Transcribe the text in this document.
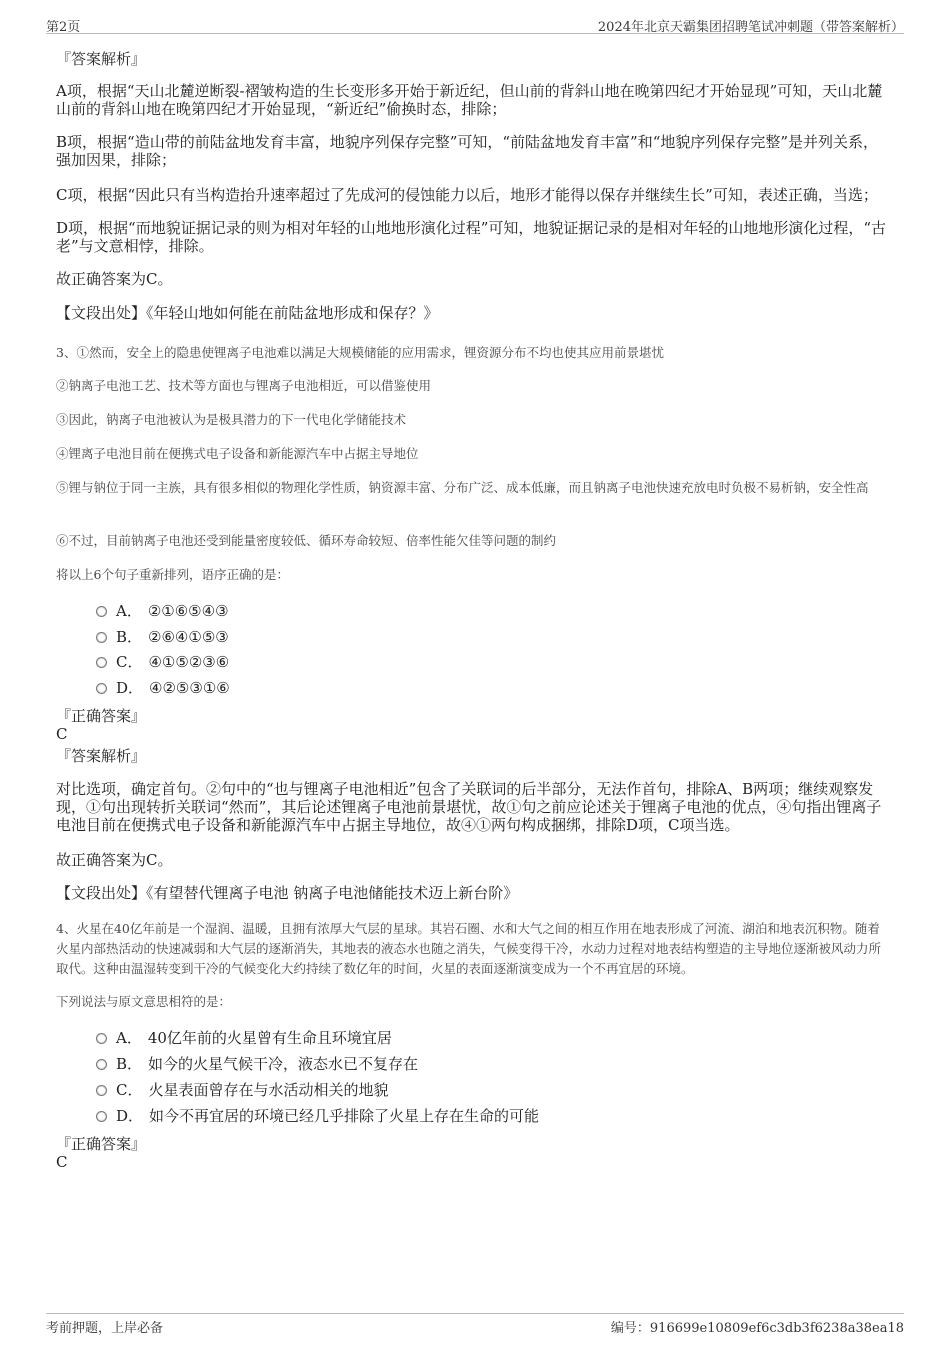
第2页	2024年北京天霸集团招聘笔试冲刺题（带答案解析）
『答案解析』
A项，根据“天山北麓逆断裂-褶皱构造的生长变形多开始于新近纪，但山前的背斜山地在晚第四纪才开始显现”可知，天山北麓山前的背斜山地在晚第四纪才开始显现，“新近纪”偷换时态，排除；
B项，根据“造山带的前陆盆地发育丰富，地貌序列保存完整”可知，“前陆盆地发育丰富”和“地貌序列保存完整”是并列关系，强加因果，排除；
C项，根据“因此只有当构造抬升速率超过了先成河的侵蚀能力以后，地形才能得以保存并继续生长”可知，表述正确，当选；
D项，根据“而地貌证据记录的则为相对年轻的山地地形演化过程”可知，地貌证据记录的是相对年轻的山地地形演化过程，“古老”与文意相悖，排除。
故正确答案为C。
【文段出处】《年轻山地如何能在前陆盆地形成和保存？》
3、①然而，安全上的隐患使锂离子电池难以满足大规模储能的应用需求，锂资源分布不均也使其应用前景堪忧
②钠离子电池工艺、技术等方面也与锂离子电池相近，可以借鉴使用
③因此，钠离子电池被认为是极具潜力的下一代电化学储能技术
④锂离子电池目前在便携式电子设备和新能源汽车中占据主导地位
⑤锂与钠位于同一主族，具有很多相似的物理化学性质，钠资源丰富、分布广泛、成本低廉，而且钠离子电池快速充放电时负极不易析钠，安全性高
⑥不过，目前钠离子电池还受到能量密度较低、循环寿命较短、倍率性能欠佳等问题的制约
将以上6个句子重新排列，语序正确的是：
A． ②①⑥⑤④③
B． ②⑥④①⑤③
C． ④①⑤②③⑥
D． ④②⑤③①⑥
『正确答案』
C
『答案解析』
对比选项，确定首句。②句中的“也与锂离子电池相近”包含了关联词的后半部分，无法作首句，排除A、B两项；继续观察发现，①句出现转折关联词“然而”，其后论述锂离子电池前景堪忧，故①句之前应论述关于锂离子电池的优点，④句指出锂离子电池目前在便携式电子设备和新能源汽车中占据主导地位，故④①两句构成捆绑，排除D项，C项当选。
故正确答案为C。
【文段出处】《有望替代锂离子电池 钠离子电池储能技术迈上新台阶》
4、火星在40亿年前是一个湿润、温暖，且拥有浓厚大气层的星球。其岩石圈、水和大气之间的相互作用在地表形成了河流、湖泊和地表沉积物。随着火星内部热活动的快速减弱和大气层的逐渐消失，其地表的液态水也随之消失，气候变得干冷，水动力过程对地表结构塑造的主导地位逐渐被风动力所取代。这种由温湿转变到干冷的气候变化大约持续了数亿年的时间，火星的表面逐渐演变成为一个不再宜居的环境。
下列说法与原文意思相符的是：
A． 40亿年前的火星曾有生命且环境宜居
B． 如今的火星气候干冷，液态水已不复存在
C． 火星表面曾存在与水活动相关的地貌
D． 如今不再宜居的环境已经几乎排除了火星上存在生命的可能
『正确答案』
C
考前押题，上岸必备	编号：916699e10809ef6c3db3f6238a38ea18
